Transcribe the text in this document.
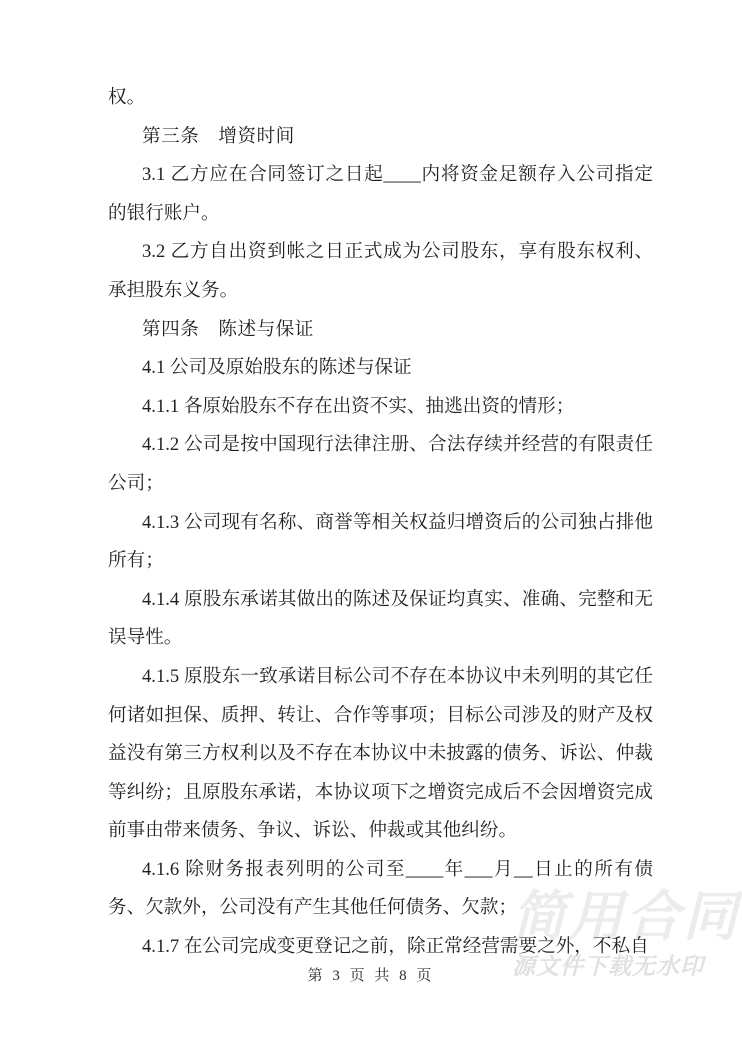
权。

第三条　增资时间

3.1 乙方应在合同签订之日起____内将资金足额存入公司指定的银行账户。

3.2 乙方自出资到帐之日正式成为公司股东，享有股东权利、承担股东义务。

第四条　陈述与保证

4.1 公司及原始股东的陈述与保证

4.1.1 各原始股东不存在出资不实、抽逃出资的情形；

4.1.2 公司是按中国现行法律注册、合法存续并经营的有限责任公司；

4.1.3 公司现有名称、商誉等相关权益归增资后的公司独占排他所有；

4.1.4 原股东承诺其做出的陈述及保证均真实、准确、完整和无误导性。

4.1.5 原股东一致承诺目标公司不存在本协议中未列明的其它任何诸如担保、质押、转让、合作等事项；目标公司涉及的财产及权益没有第三方权利以及不存在本协议中未披露的债务、诉讼、仲裁等纠纷；且原股东承诺，本协议项下之增资完成后不会因增资完成前事由带来债务、争议、诉讼、仲裁或其他纠纷。

4.1.6 除财务报表列明的公司至____年___月__日止的所有债务、欠款外，公司没有产生其他任何债务、欠款；

4.1.7 在公司完成变更登记之前，除正常经营需要之外，不私自

简用合同
源文件下载无水印
第 3 页 共 8 页
